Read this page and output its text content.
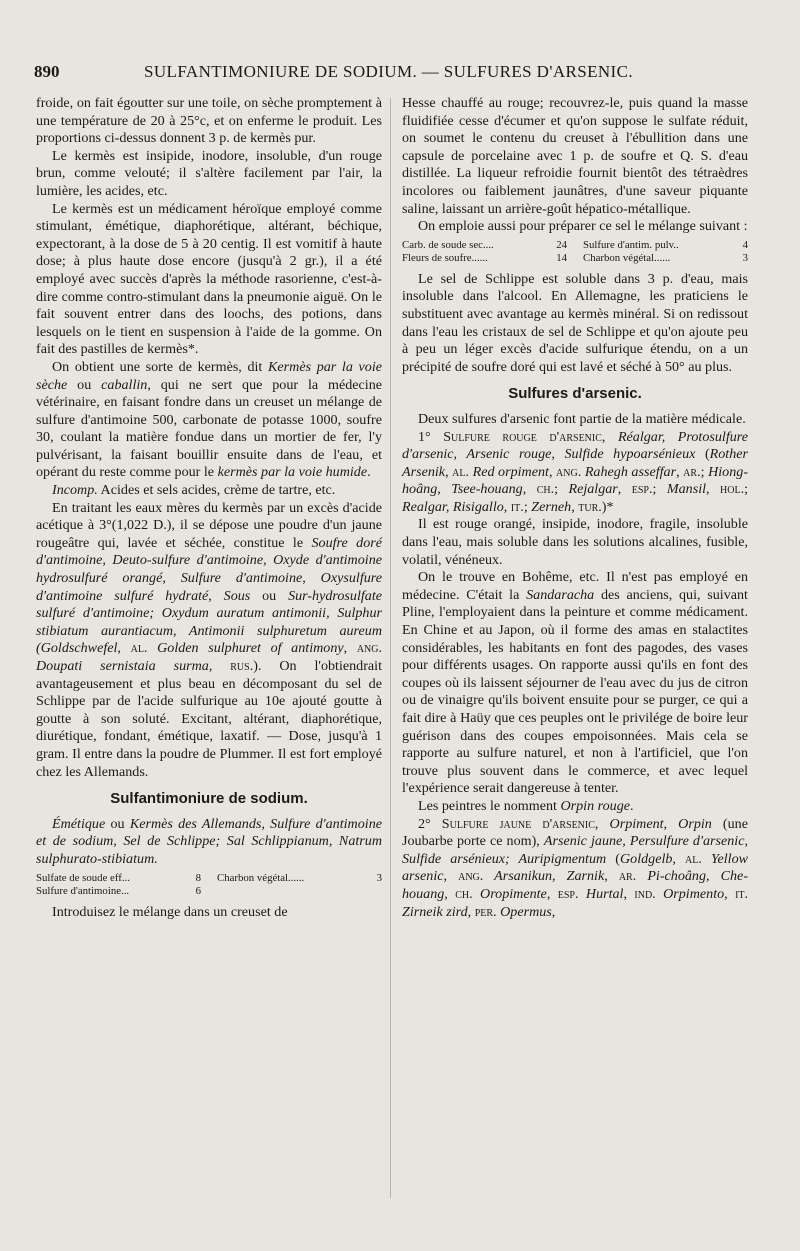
890	SULFANTIMONIURE DE SODIUM. — SULFURES D'ARSENIC.

froide, on fait égoutter sur une toile, on sèche promptement à une température de 20 à 25°c, et on enferme le produit. Les proportions ci-dessus donnent 3 p. de kermès pur.

Le kermès est insipide, inodore, insoluble, d'un rouge brun, comme velouté; il s'altère facilement par l'air, la lumière, les acides, etc.

Le kermès est un médicament héroïque employé comme stimulant, émétique, diaphorétique, altérant, béchique, expectorant, à la dose de 5 à 20 centig. Il est vomitif à haute dose; à plus haute dose encore (jusqu'à 2 gr.), il a été employé avec succès d'après la méthode rasorienne, c'est-à-dire comme contro-stimulant dans la pneumonie aiguë. On le fait souvent entrer dans des loochs, des potions, dans lesquels on le tient en suspension à l'aide de la gomme. On fait des pastilles de kermès*.

On obtient une sorte de kermès, dit Kermès par la voie sèche ou caballin, qui ne sert que pour la médecine vétérinaire, en faisant fondre dans un creuset un mélange de sulfure d'antimoine 500, carbonate de potasse 1000, soufre 30, coulant la matière fondue dans un mortier de fer, l'y pulvérisant, la faisant bouillir ensuite dans de l'eau, et opérant du reste comme pour le kermès par la voie humide.

Incomp. Acides et sels acides, crème de tartre, etc.

En traitant les eaux mères du kermès par un excès d'acide acétique à 3°(1,022 D.), il se dépose une poudre d'un jaune rougeâtre qui, lavée et séchée, constitue le Soufre doré d'antimoine, Deuto-sulfure d'antimoine, Oxyde d'antimoine hydrosulfuré orangé, Sulfure d'antimoine, Oxysulfure d'antimoine sulfuré hydraté, Sous ou Sur-hydrosulfate sulfuré d'antimoine; Oxydum auratum antimonii, Sulphur stibiatum aurantiacum, Antimonii sulphuretum aureum (Goldschwefel, al. Golden sulphuret of antimony, ang. Doupati sernistaia surma, rus.). On l'obtiendrait avantageusement et plus beau en décomposant du sel de Schlippe par de l'acide sulfurique au 10e ajouté goutte à goutte à son soluté. Excitant, altérant, diaphorétique, diurétique, fondant, émétique, laxatif. — Dose, jusqu'à 1 gram. Il entre dans la poudre de Plummer. Il est fort employé chez les Allemands.

Sulfantimoniure de sodium.

Émétique ou Kermès des Allemands, Sulfure d'antimoine et de sodium, Sel de Schlippe; Sal Schlippianum, Natrum sulphurato-stibiatum.

Sulfate de soude eff...	8 Charbon végétal......	3
Sulfure d'antimoine...	6

Introduisez le mélange dans un creuset de

Hesse chauffé au rouge; recouvrez-le, puis quand la masse fluidifiée cesse d'écumer et qu'on suppose le sulfate réduit, on soumet le contenu du creuset à l'ébullition dans une capsule de porcelaine avec 1 p. de soufre et Q. S. d'eau distillée. La liqueur refroidie fournit bientôt des tétraèdres incolores ou faiblement jaunâtres, d'une saveur piquante saline, laissant un arrière-goût hépatico-métallique.

On emploie aussi pour préparer ce sel le mélange suivant :

Carb. de soude sec....	24 Sulfure d'antim. pulv..	4
Fleurs de soufre......	14 Charbon végétal......	3

Le sel de Schlippe est soluble dans 3 p. d'eau, mais insoluble dans l'alcool. En Allemagne, les praticiens le substituent avec avantage au kermès minéral. Si on redissout dans l'eau les cristaux de sel de Schlippe et qu'on ajoute peu à peu un léger excès d'acide sulfurique étendu, on a un précipité de soufre doré qui est lavé et séché à 50° au plus.

Sulfures d'arsenic.

Deux sulfures d'arsenic font partie de la matière médicale.

1° Sulfure rouge d'arsenic, Réalgar, Protosulfure d'arsenic, Arsenic rouge, Sulfide hypoarsénieux (Rother Arsenik, al. Red orpiment, ang. Rahegh asseffar, ar.; Hiong-hoâng, Tsee-houang, ch.; Rejalgar, esp.; Mansil, hol.; Realgar, Risigallo, it.; Zerneh, tur.)*

Il est rouge orangé, insipide, inodore, fragile, insoluble dans l'eau, mais soluble dans les solutions alcalines, fusible, volatil, vénéneux.

On le trouve en Bohême, etc. Il n'est pas employé en médecine. C'était la Sandaracha des anciens, qui, suivant Pline, l'employaient dans la peinture et comme médicament. En Chine et au Japon, où il forme des amas en stalactites considérables, les habitants en font des pagodes, des vases pour différents usages. On rapporte aussi qu'ils en font des coupes où ils laissent séjourner de l'eau avec du jus de citron ou de vinaigre qu'ils boivent ensuite pour se purger, ce qui a fait dire à Haüy que ces peuples ont le privilége de boire leur guérison dans des coupes empoisonnées. Mais cela se rapporte au sulfure naturel, et non à l'artificiel, que l'on trouve plus souvent dans le commerce, et avec lequel l'expérience serait dangereuse à tenter.

Les peintres le nomment Orpin rouge.

2° Sulfure jaune d'arsenic, Orpiment, Orpin (une Joubarbe porte ce nom), Arsenic jaune, Persulfure d'arsenic, Sulfide arsénieux; Auripigmentum (Goldgelb, al. Yellow arsenic, ang. Arsanikun, Zarnik, ar. Pi-choâng, Che-houang, ch. Oropimente, esp. Hurtal, ind. Orpimento, it. Zirneik zird, per. Opermus,
